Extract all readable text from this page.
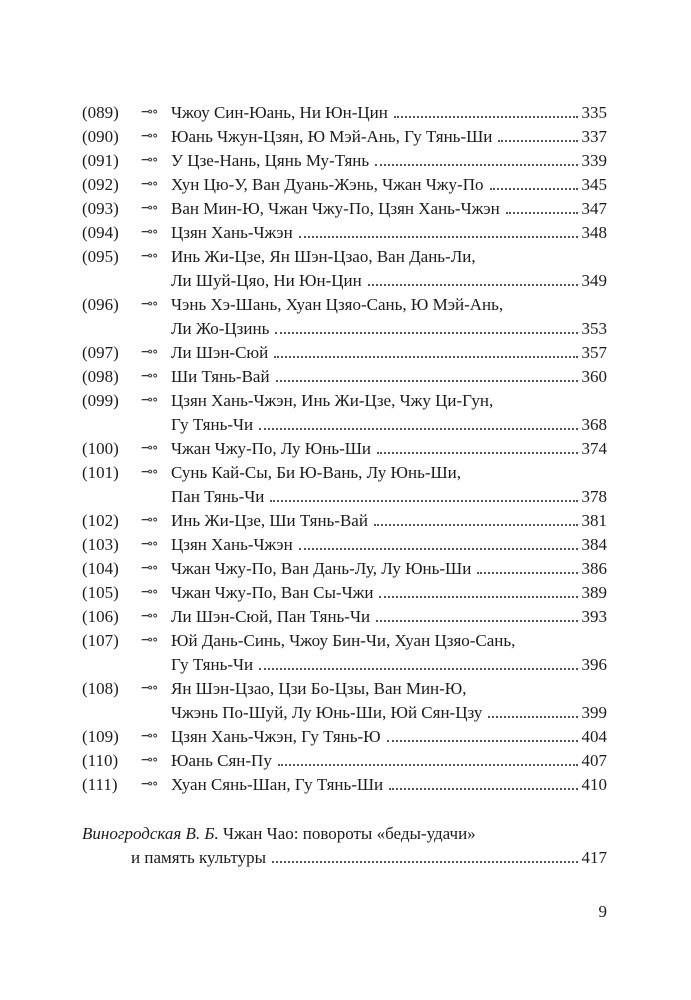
(089) ⊸∘ Чжоу Син-Юань, Ни Юн-Цин	335
(090) ⊸∘ Юань Чжун-Цзян, Ю Мэй-Ань, Гу Тянь-Ши	337
(091) ⊸∘ У Цзе-Нань, Цянь Му-Тянь	339
(092) ⊸∘ Хун Цю-У, Ван Дуань-Жэнь, Чжан Чжу-По	345
(093) ⊸∘ Ван Мин-Ю, Чжан Чжу-По, Цзян Хань-Чжэн	347
(094) ⊸∘ Цзян Хань-Чжэн	348
(095) ⊸∘ Инь Жи-Цзе, Ян Шэн-Цзао, Ван Дань-Ли,
Ли Шуй-Цяо, Ни Юн-Цин	349
(096) ⊸∘ Чэнь Хэ-Шань, Хуан Цзяо-Сань, Ю Мэй-Ань,
Ли Жо-Цзинь	353
(097) ⊸∘ Ли Шэн-Сюй	357
(098) ⊸∘ Ши Тянь-Вай	360
(099) ⊸∘ Цзян Хань-Чжэн, Инь Жи-Цзе, Чжу Ци-Гун,
Гу Тянь-Чи	368
(100) ⊸∘ Чжан Чжу-По, Лу Юнь-Ши	374
(101) ⊸∘ Сунь Кай-Сы, Би Ю-Вань, Лу Юнь-Ши,
Пан Тянь-Чи	378
(102) ⊸∘ Инь Жи-Цзе, Ши Тянь-Вай	381
(103) ⊸∘ Цзян Хань-Чжэн	384
(104) ⊸∘ Чжан Чжу-По, Ван Дань-Лу, Лу Юнь-Ши	386
(105) ⊸∘ Чжан Чжу-По, Ван Сы-Чжи	389
(106) ⊸∘ Ли Шэн-Сюй, Пан Тянь-Чи	393
(107) ⊸∘ Юй Дань-Синь, Чжоу Бин-Чи, Хуан Цзяо-Сань,
Гу Тянь-Чи	396
(108) ⊸∘ Ян Шэн-Цзао, Цзи Бо-Цзы, Ван Мин-Ю,
Чжэнь По-Шуй, Лу Юнь-Ши, Юй Сян-Цзу	399
(109) ⊸∘ Цзян Хань-Чжэн, Гу Тянь-Ю	404
(110) ⊸∘ Юань Сян-Пу	407
(111) ⊸∘ Хуан Сянь-Шан, Гу Тянь-Ши	410
Виногродская В. Б. Чжан Чао: повороты «беды-удачи»
и память культуры	417
9
